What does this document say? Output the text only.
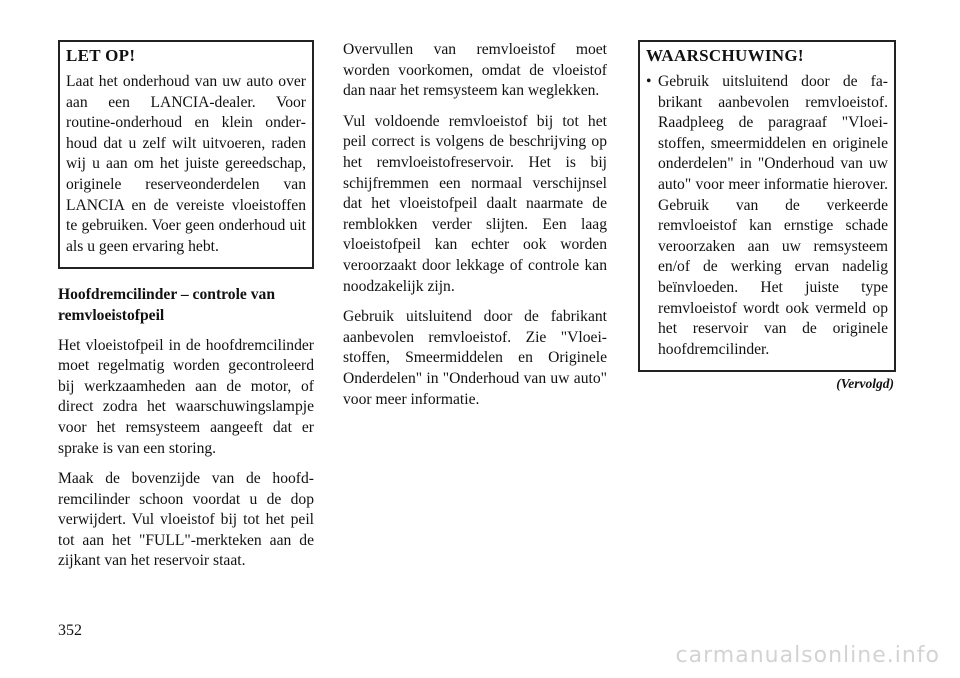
LET OP!

Laat het onderhoud van uw auto over aan een LANCIA-dealer. Voor routine-onderhoud en klein onderhoud dat u zelf wilt uitvoeren, raden wij u aan om het juiste gereedschap, originele reserveonderdelen van LANCIA en de vereiste vloeistoffen te gebruiken. Voer geen onderhoud uit als u geen ervaring hebt.

Hoofdremcilinder – controle van remvloeistofpeil

Het vloeistofpeil in de hoofdremcilinder moet regelmatig worden gecontroleerd bij werkzaamheden aan de motor, of direct zodra het waarschuwingslampje voor het remsysteem aangeeft dat er sprake is van een storing.

Maak de bovenzijde van de hoofdremcilinder schoon voordat u de dop verwijdert. Vul vloeistof bij tot het peil tot aan het "FULL"-merkteken aan de zijkant van het reservoir staat.

Overvullen van remvloeistof moet worden voorkomen, omdat de vloeistof dan naar het remsysteem kan weglekken.

Vul voldoende remvloeistof bij tot het peil correct is volgens de beschrijving op het remvloeistofreservoir. Het is bij schijfremmen een normaal verschijnsel dat het vloeistofpeil daalt naarmate de remblokken verder slijten. Een laag vloeistofpeil kan echter ook worden veroorzaakt door lekkage of controle kan noodzakelijk zijn.

Gebruik uitsluitend door de fabrikant aanbevolen remvloeistof. Zie "Vloeistoffen, Smeermiddelen en Originele Onderdelen" in "Onderhoud van uw auto" voor meer informatie.

WAARSCHUWING!
• Gebruik uitsluitend door de fabrikant aanbevolen remvloeistof. Raadpleeg de paragraaf "Vloeistoffen, smeermiddelen en originele onderdelen" in "Onderhoud van uw auto" voor meer informatie hierover. Gebruik van de verkeerde remvloeistof kan ernstige schade veroorzaken aan uw remsysteem en/of de werking ervan nadelig beïnvloeden. Het juiste type remvloeistof wordt ook vermeld op het reservoir van de originele hoofdremcilinder.
(Vervolgd)
352
carmanualsonline.info
